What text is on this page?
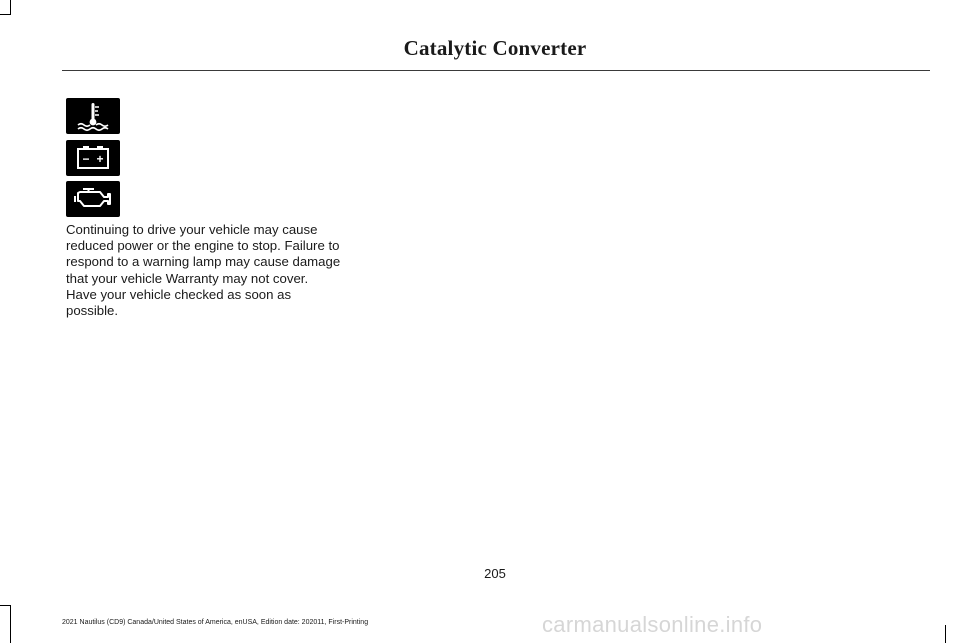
Catalytic Converter
− +

Continuing to drive your vehicle may cause reduced power or the engine to stop. Failure to respond to a warning lamp may cause damage that your vehicle Warranty may not cover. Have your vehicle checked as soon as possible.

205

2021 Nautilus (CD9) Canada/United States of America, enUSA, Edition date: 202011, First-Printing	carmanualsonline.info
